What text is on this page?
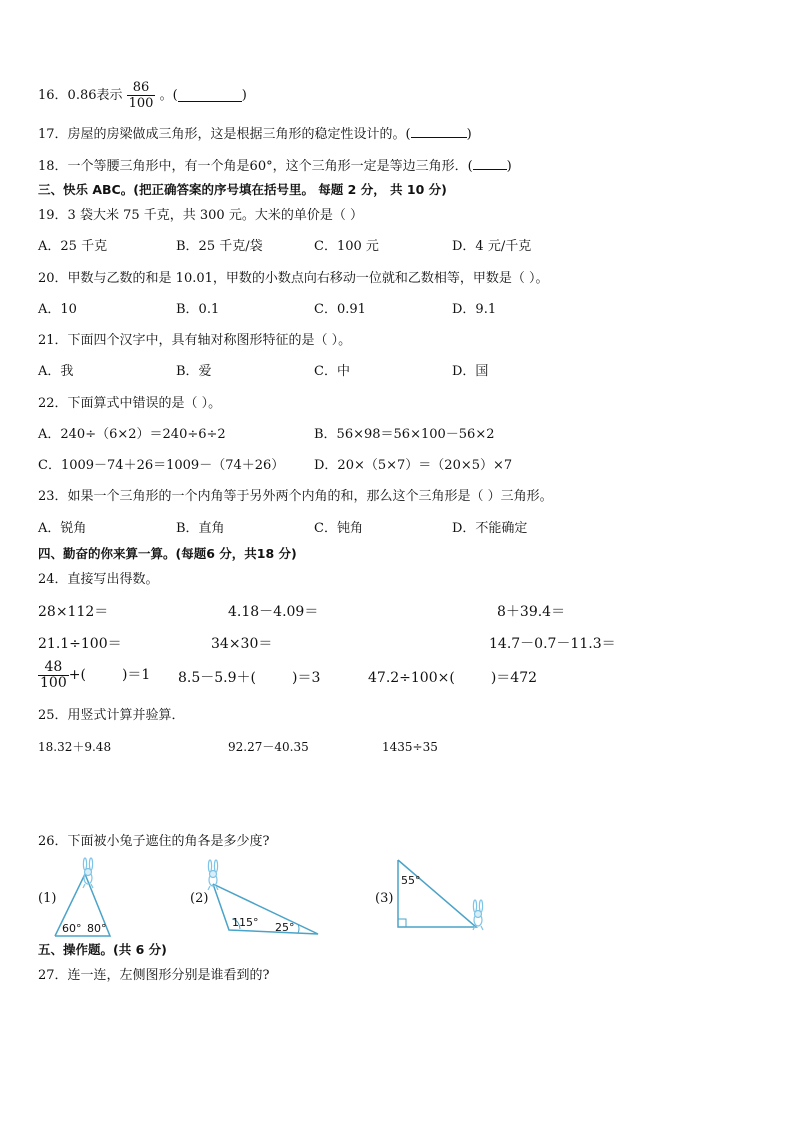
16．0.86表示 $\frac{86}{100}$ 。(	)
17．房屋的房梁做成三角形，这是根据三角形的稳定性设计的。(	)
18．一个等腰三角形中，有一个角是60°，这个三角形一定是等边三角形．(	)
三、快乐 ABC。(把正确答案的序号填在括号里。 每题 2 分， 共 10 分)
19．3 袋大米 75 千克，共 300 元。大米的单价是（ ）
A．25 千克	B．25 千克/袋	C．100 元	D．4 元/千克
20．甲数与乙数的和是 10.01，甲数的小数点向右移动一位就和乙数相等，甲数是（ ）。
A．10	B．0.1	C．0.91	D．9.1
21．下面四个汉字中，具有轴对称图形特征的是（ ）。
A．我	B．爱	C．中	D．国
22．下面算式中错误的是（ ）。
A．240÷（6×2）＝240÷6÷2	B．56×98＝56×100－56×2
C．1009－74＋26＝1009－（74＋26） D．20×（5×7）＝（20×5）×7
23．如果一个三角形的一个内角等于另外两个内角的和，那么这个三角形是（ ）三角形。
A．锐角	B．直角	C．钝角	D．不能确定
四、勤奋的你来算一算。(每题6 分，共18 分)
24．直接写出得数。
28×112＝	4.18－4.09＝	8＋39.4＝
21.1÷100＝	34×30＝	14.7－0.7－11.3＝
$\frac{48}{100}$ +(	)＝1 8.5－5.9＋(	)＝3	47.2÷100×(	)＝472
25．用竖式计算并验算．
18.32＋9.48	92.27－40.35	1435÷35
26．下面被小兔子遮住的角各是多少度?
(1)	(2)	(3)
60° 80°	115° 25°
55°
五、操作题。(共 6 分)
27．连一连，左侧图形分别是谁看到的?
